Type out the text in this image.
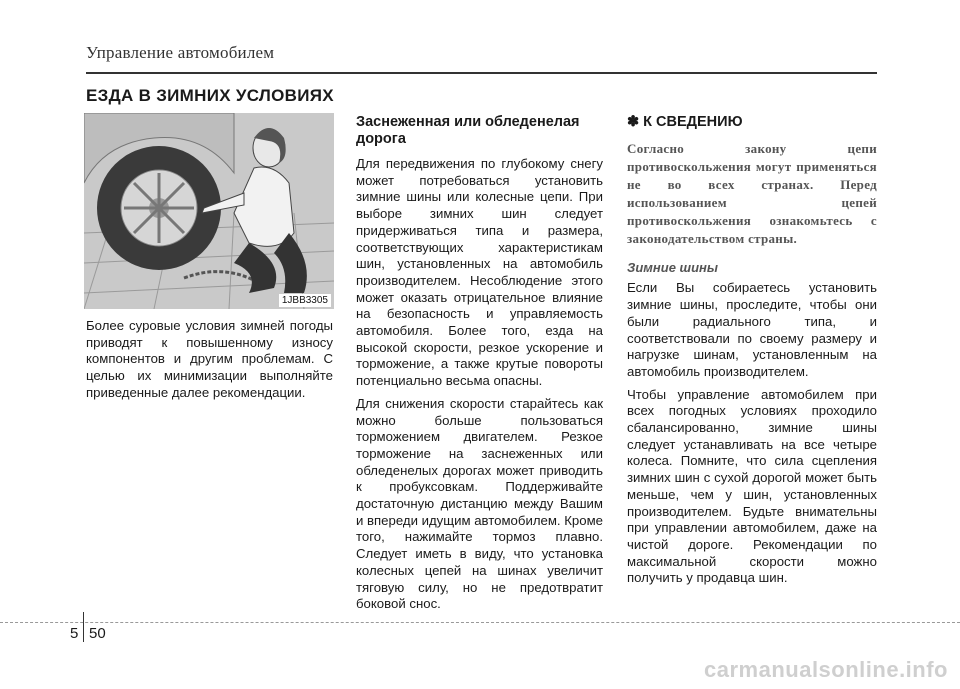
Управление автомобилем
ЕЗДА В ЗИМНИХ УСЛОВИЯХ
1JBB3305

Более суровые условия зимней погоды приводят к повышенному износу компонентов и другим проблемам. С целью их минимизации выполняйте приведенные далее рекомендации.

Заснеженная или обледенелая дорога

Для передвижения по глубокому снегу может потребоваться установить зимние шины или колесные цепи. При выборе зимних шин следует придерживаться типа и размера, соответствующих характеристикам шин, установленных на автомобиль производителем. Несоблюдение этого может оказать отрицательное влияние на безопасность и управляемость автомобиля. Более того, езда на высокой скорости, резкое ускорение и торможение, а также крутые повороты потенциально весьма опасны.

Для снижения скорости старайтесь как можно больше пользоваться торможением двигателем. Резкое торможение на заснеженных или обледенелых дорогах может приводить к пробуксовкам. Поддерживайте достаточную дистанцию между Вашим и впереди идущим автомобилем. Кроме того, нажимайте тормоз плавно. Следует иметь в виду, что установка колесных цепей на шинах увеличит тяговую силу, но не предотвратит боковой снос.

✽ К СВЕДЕНИЮ
Согласно закону цепи противоскольжения могут применяться не во всех странах. Перед использованием цепей противоскольжения ознакомьтесь с законодательством страны.
Зимние шины

Если Вы собираетесь установить зимние шины, проследите, чтобы они были радиального типа, и соответствовали по своему размеру и нагрузке шинам, установленным на автомобиль производителем.

Чтобы управление автомобилем при всех погодных условиях проходило сбалансированно, зимние шины следует устанавливать на все четыре колеса. Помните, что сила сцепления зимних шин с сухой дорогой может быть меньше, чем у шин, установленных производителем. Будьте внимательны при управлении автомобилем, даже на чистой дороге. Рекомендации по максимальной скорости можно получить у продавца шин.

5 50
carmanualsonline.info
